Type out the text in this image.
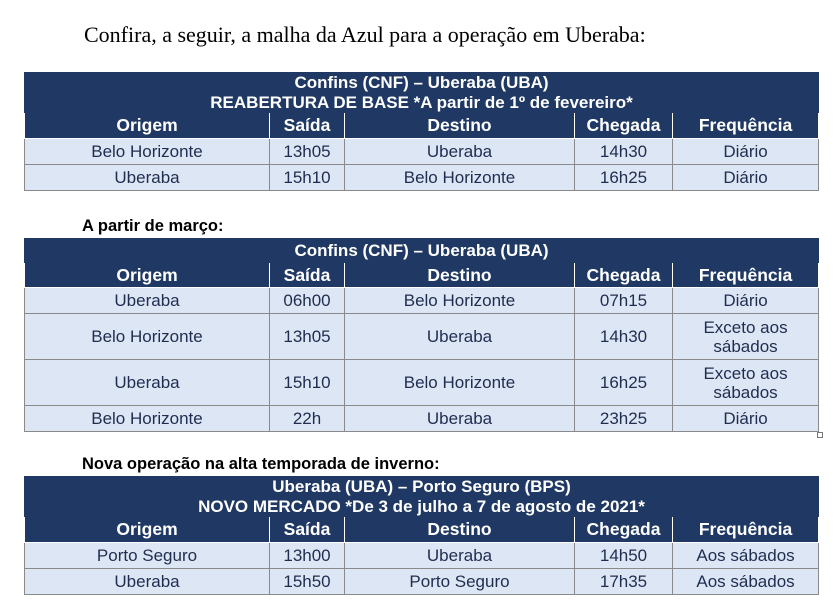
Confira, a seguir, a malha da Azul para a operação em Uberaba:
Confins (CNF) – Uberaba (UBA)				
REABERTURA DE BASE *A partir de 1º de fevereiro*				
Origem	Saída	Destino	Chegada	Frequência
Belo Horizonte	13h05	Uberaba	14h30	Diário
Uberaba	15h10	Belo Horizonte	16h25	Diário
A partir de março:
Confins (CNF) – Uberaba (UBA)				
Origem	Saída	Destino	Chegada	Frequência
Uberaba	06h00	Belo Horizonte	07h15	Diário
Belo Horizonte	13h05	Uberaba	14h30	Exceto aos sábados
Uberaba	15h10	Belo Horizonte	16h25	Exceto aos sábados
Belo Horizonte	22h	Uberaba	23h25	Diário
Nova operação na alta temporada de inverno:
Uberaba (UBA) – Porto Seguro (BPS)				
NOVO MERCADO *De 3 de julho a 7 de agosto de 2021*				
Origem	Saída	Destino	Chegada	Frequência
Porto Seguro	13h00	Uberaba	14h50	Aos sábados
Uberaba	15h50	Porto Seguro	17h35	Aos sábados
